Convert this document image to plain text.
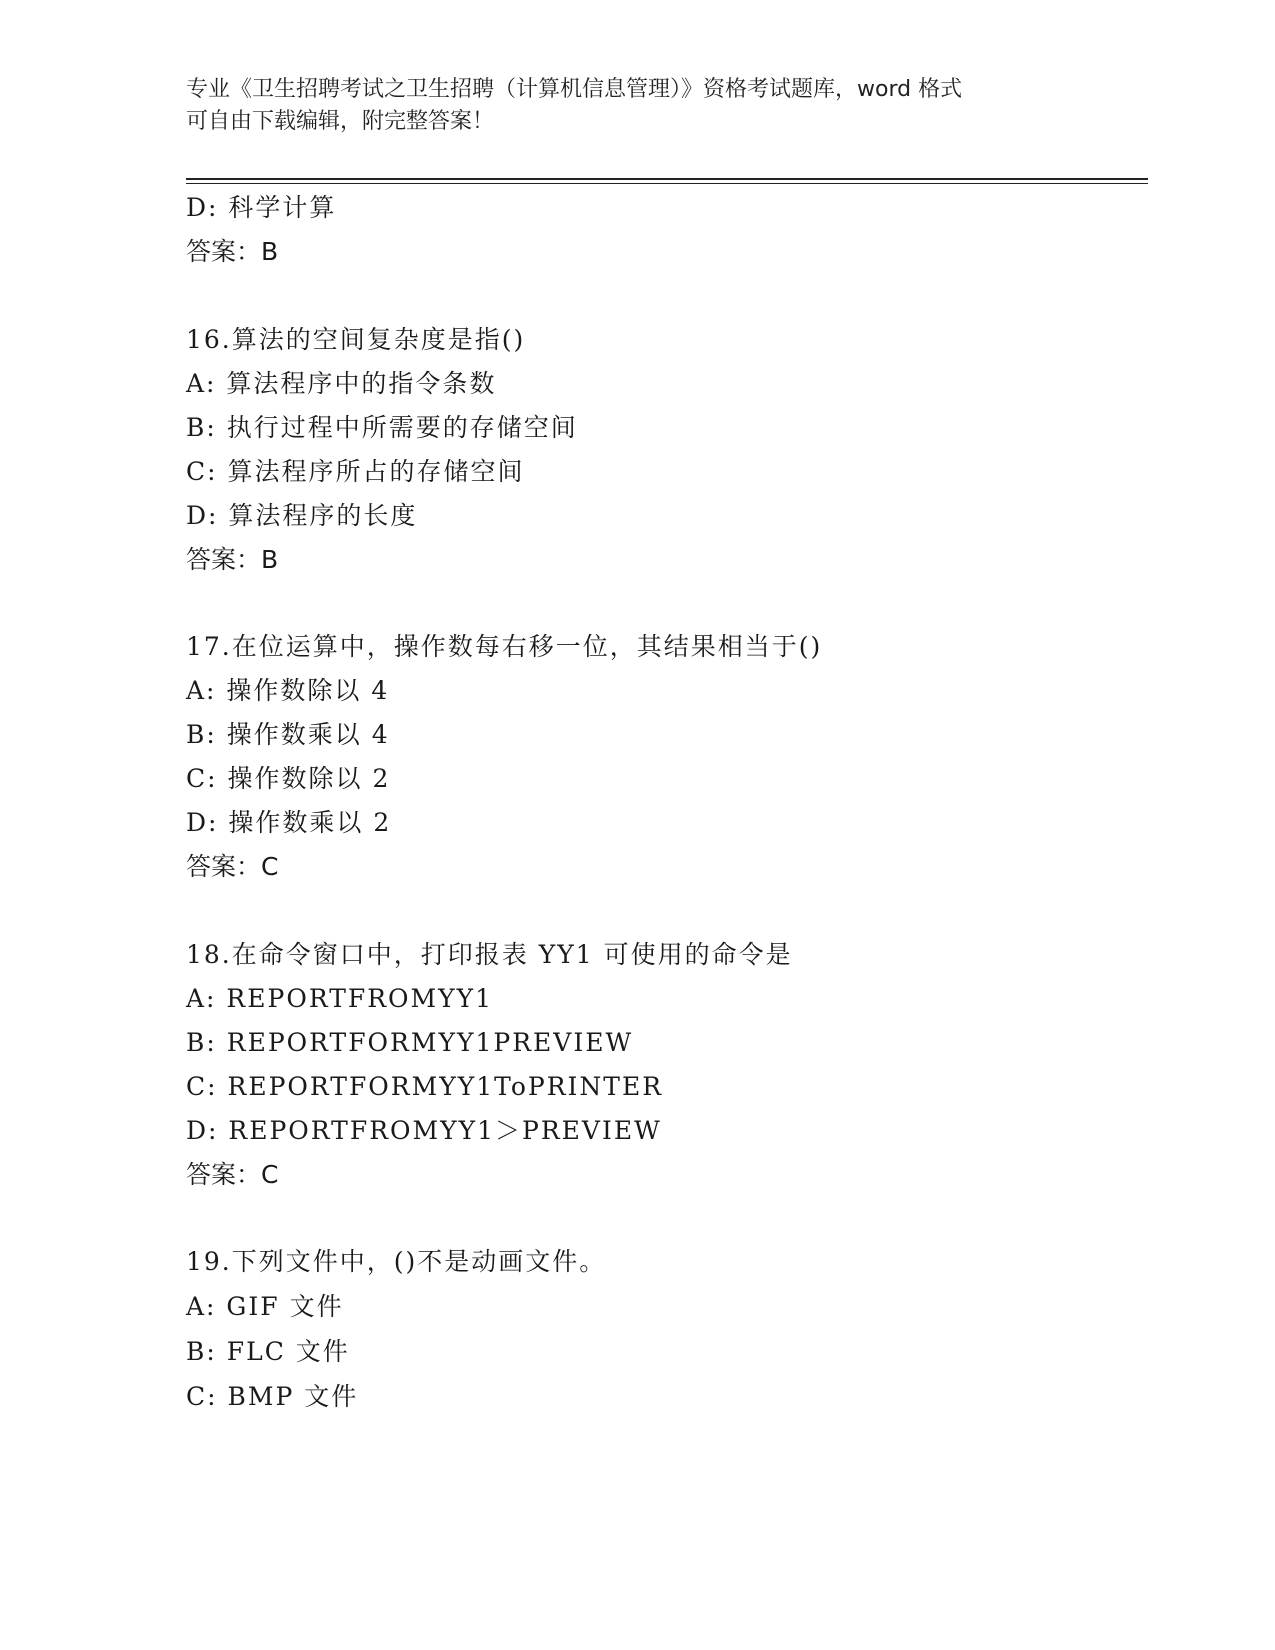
专业《卫生招聘考试之卫生招聘（计算机信息管理）》资格考试题库，word 格式
可自由下载编辑，附完整答案！
D: 科学计算
答案：B
16.算法的空间复杂度是指()
A: 算法程序中的指令条数
B: 执行过程中所需要的存储空间
C: 算法程序所占的存储空间
D: 算法程序的长度
答案：B
17.在位运算中，操作数每右移一位，其结果相当于()
A: 操作数除以 4
B: 操作数乘以 4
C: 操作数除以 2
D: 操作数乘以 2
答案：C
18.在命令窗口中，打印报表 YY1 可使用的命令是
A: REPORTFROMYY1
B: REPORTFORMYY1PREVIEW
C: REPORTFORMYY1ToPRINTER
D: REPORTFROMYY1＞PREVIEW
答案：C
19.下列文件中，()不是动画文件。
A: GIF 文件
B: FLC 文件
C: BMP 文件
